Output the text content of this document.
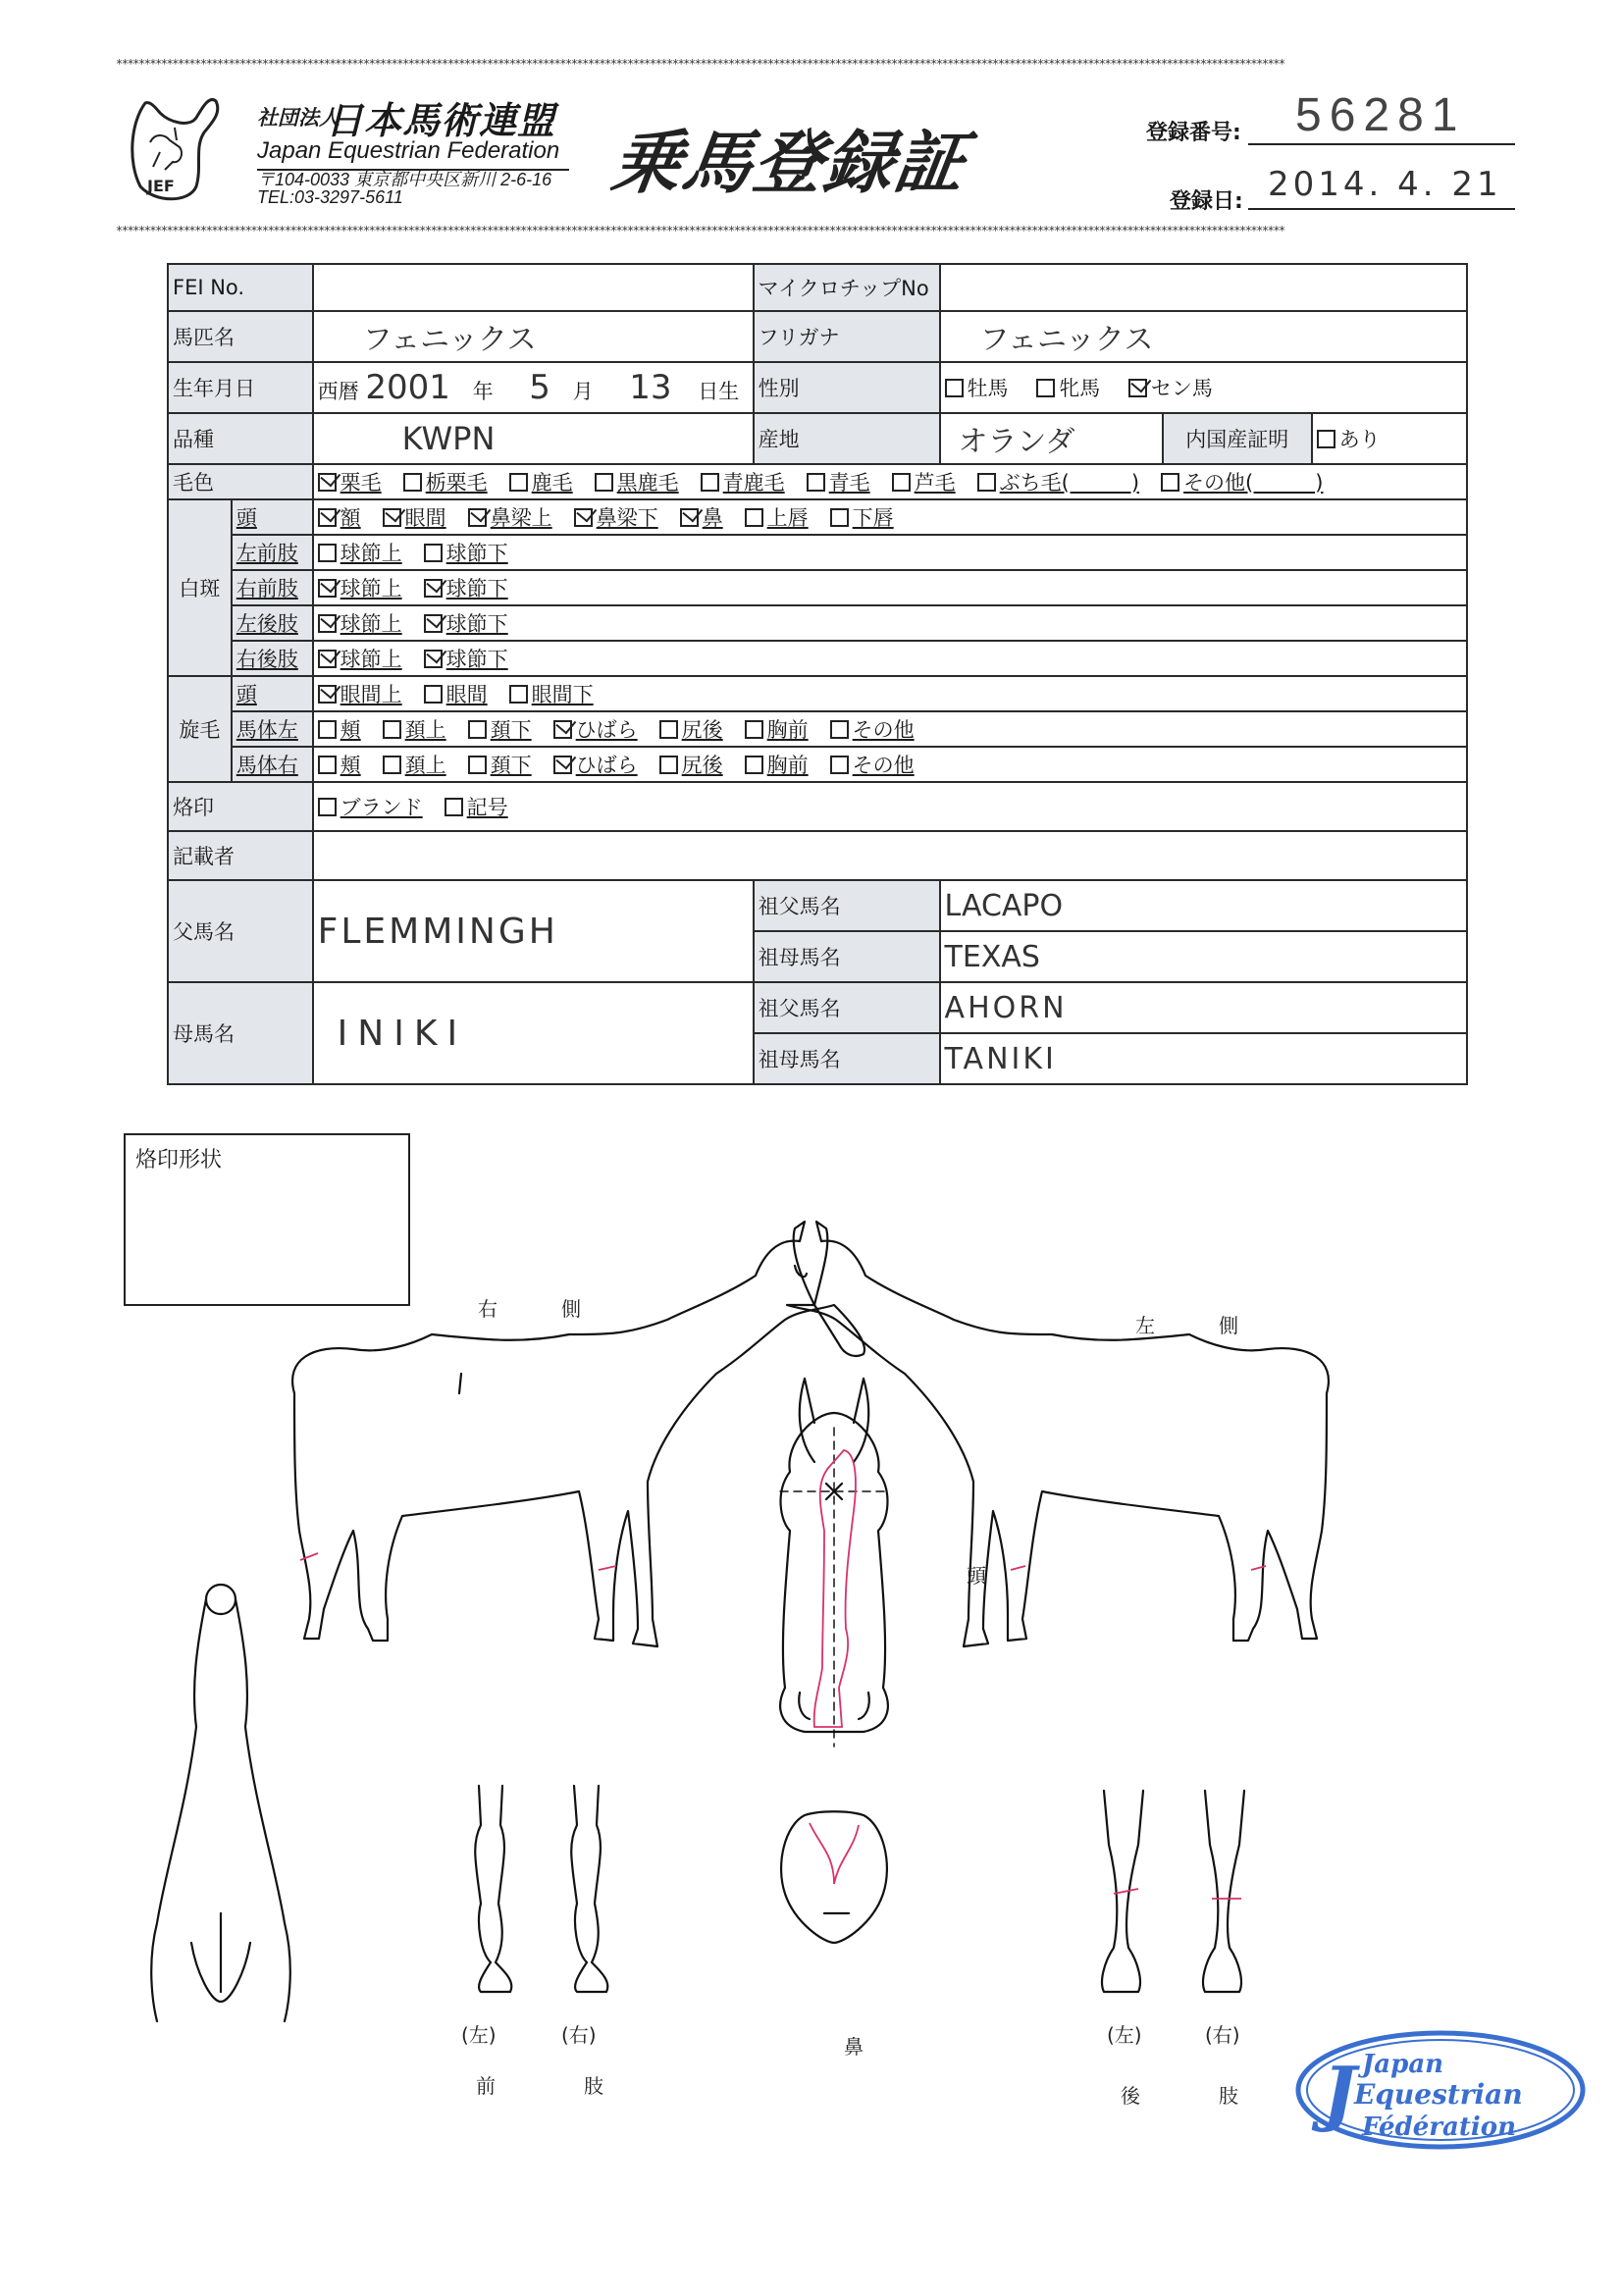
****************************************************************************************************************************************************************************************************************
****************************************************************************************************************************************************************************************************************
JEF
社団法人
日本馬術連盟
Japan Equestrian Federation
〒104-0033 東京都中央区新川 2-6-16
TEL:03-3297-5611	乗馬登録証	登録番号: 56281
登録日: 2014. 4. 21
FEI No.			マイクロチップNo			
馬匹名		フェニックス	フリガナ	フェニックス		
生年月日		西暦 2001 年 5 月 13 日生	性別	牡馬 牝馬 セン馬		
品種		KWPN	産地	オランダ	内国産証明	あり
毛色		栗毛 栃栗毛 鹿毛 黒鹿毛 青鹿毛 青毛 芦毛 ぶち毛(　　　) その他(　　　)				
白斑	頭	額 眼間 鼻梁上 鼻梁下 鼻 上唇 下唇				
	左前肢	球節上 球節下				
	右前肢	球節上 球節下				
	左後肢	球節上 球節下				
	右後肢	球節上 球節下				
旋毛	頭	眼間上 眼間 眼間下				
	馬体左	頬 頚上 頚下 ひばら 尻後 胸前 その他				
	馬体右	頬 頚上 頚下 ひばら 尻後 胸前 その他				
烙印		ブランド 記号				
記載者						
父馬名		FLEMMINGH	祖父馬名	LACAPO		
			祖母馬名	TEXAS		
母馬名		INIKI	祖父馬名	AHORN		
			祖母馬名	TANIKI		
烙印形状
右	側
左	側
頭
鼻
(左)	(右)
前	肢
(左)	(右)
後	肢 J Japan
Equestrian
Fédération
